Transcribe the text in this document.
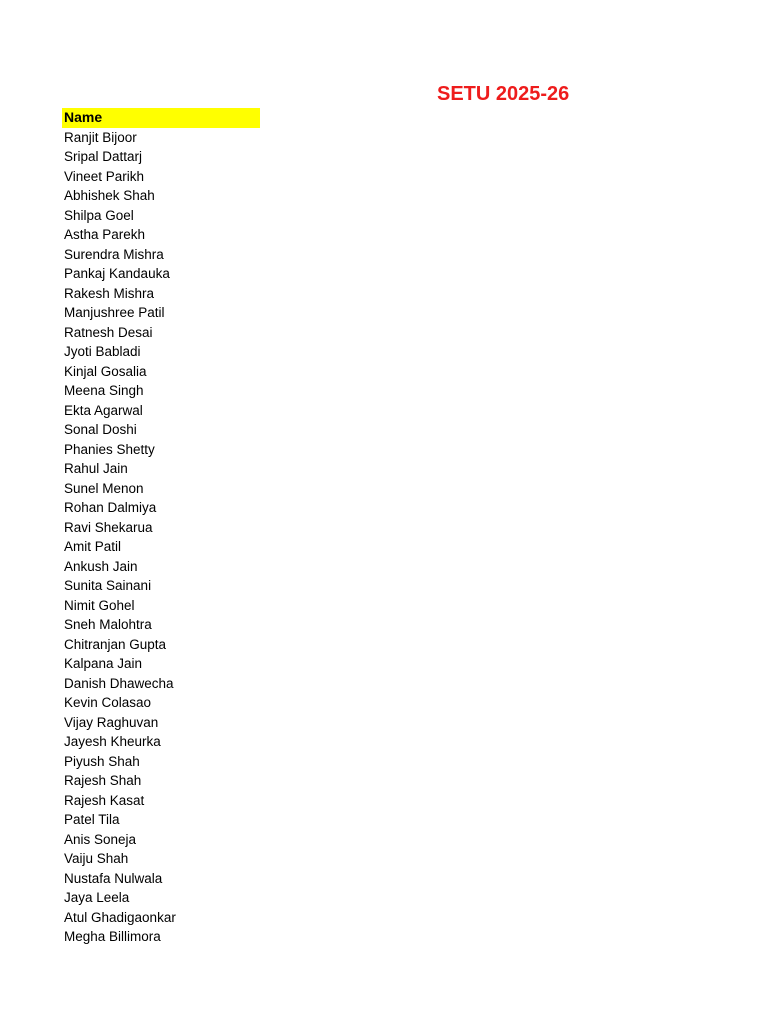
SETU 2025-26
Name
Ranjit Bijoor
Sripal Dattarj
Vineet Parikh
Abhishek Shah
Shilpa Goel
Astha Parekh
Surendra Mishra
Pankaj Kandauka
Rakesh Mishra
Manjushree Patil
Ratnesh Desai
Jyoti Babladi
Kinjal Gosalia
Meena Singh
Ekta Agarwal
Sonal Doshi
Phanies Shetty
Rahul Jain
Sunel Menon
Rohan Dalmiya
Ravi Shekarua
Amit Patil
Ankush Jain
Sunita Sainani
Nimit Gohel
Sneh Malohtra
Chitranjan Gupta
Kalpana Jain
Danish Dhawecha
Kevin Colasao
Vijay Raghuvan
Jayesh Kheurka
Piyush Shah
Rajesh Shah
Rajesh Kasat
Patel Tila
Anis Soneja
Vaiju Shah
Nustafa Nulwala
Jaya Leela
Atul Ghadigaonkar
Megha Billimora
